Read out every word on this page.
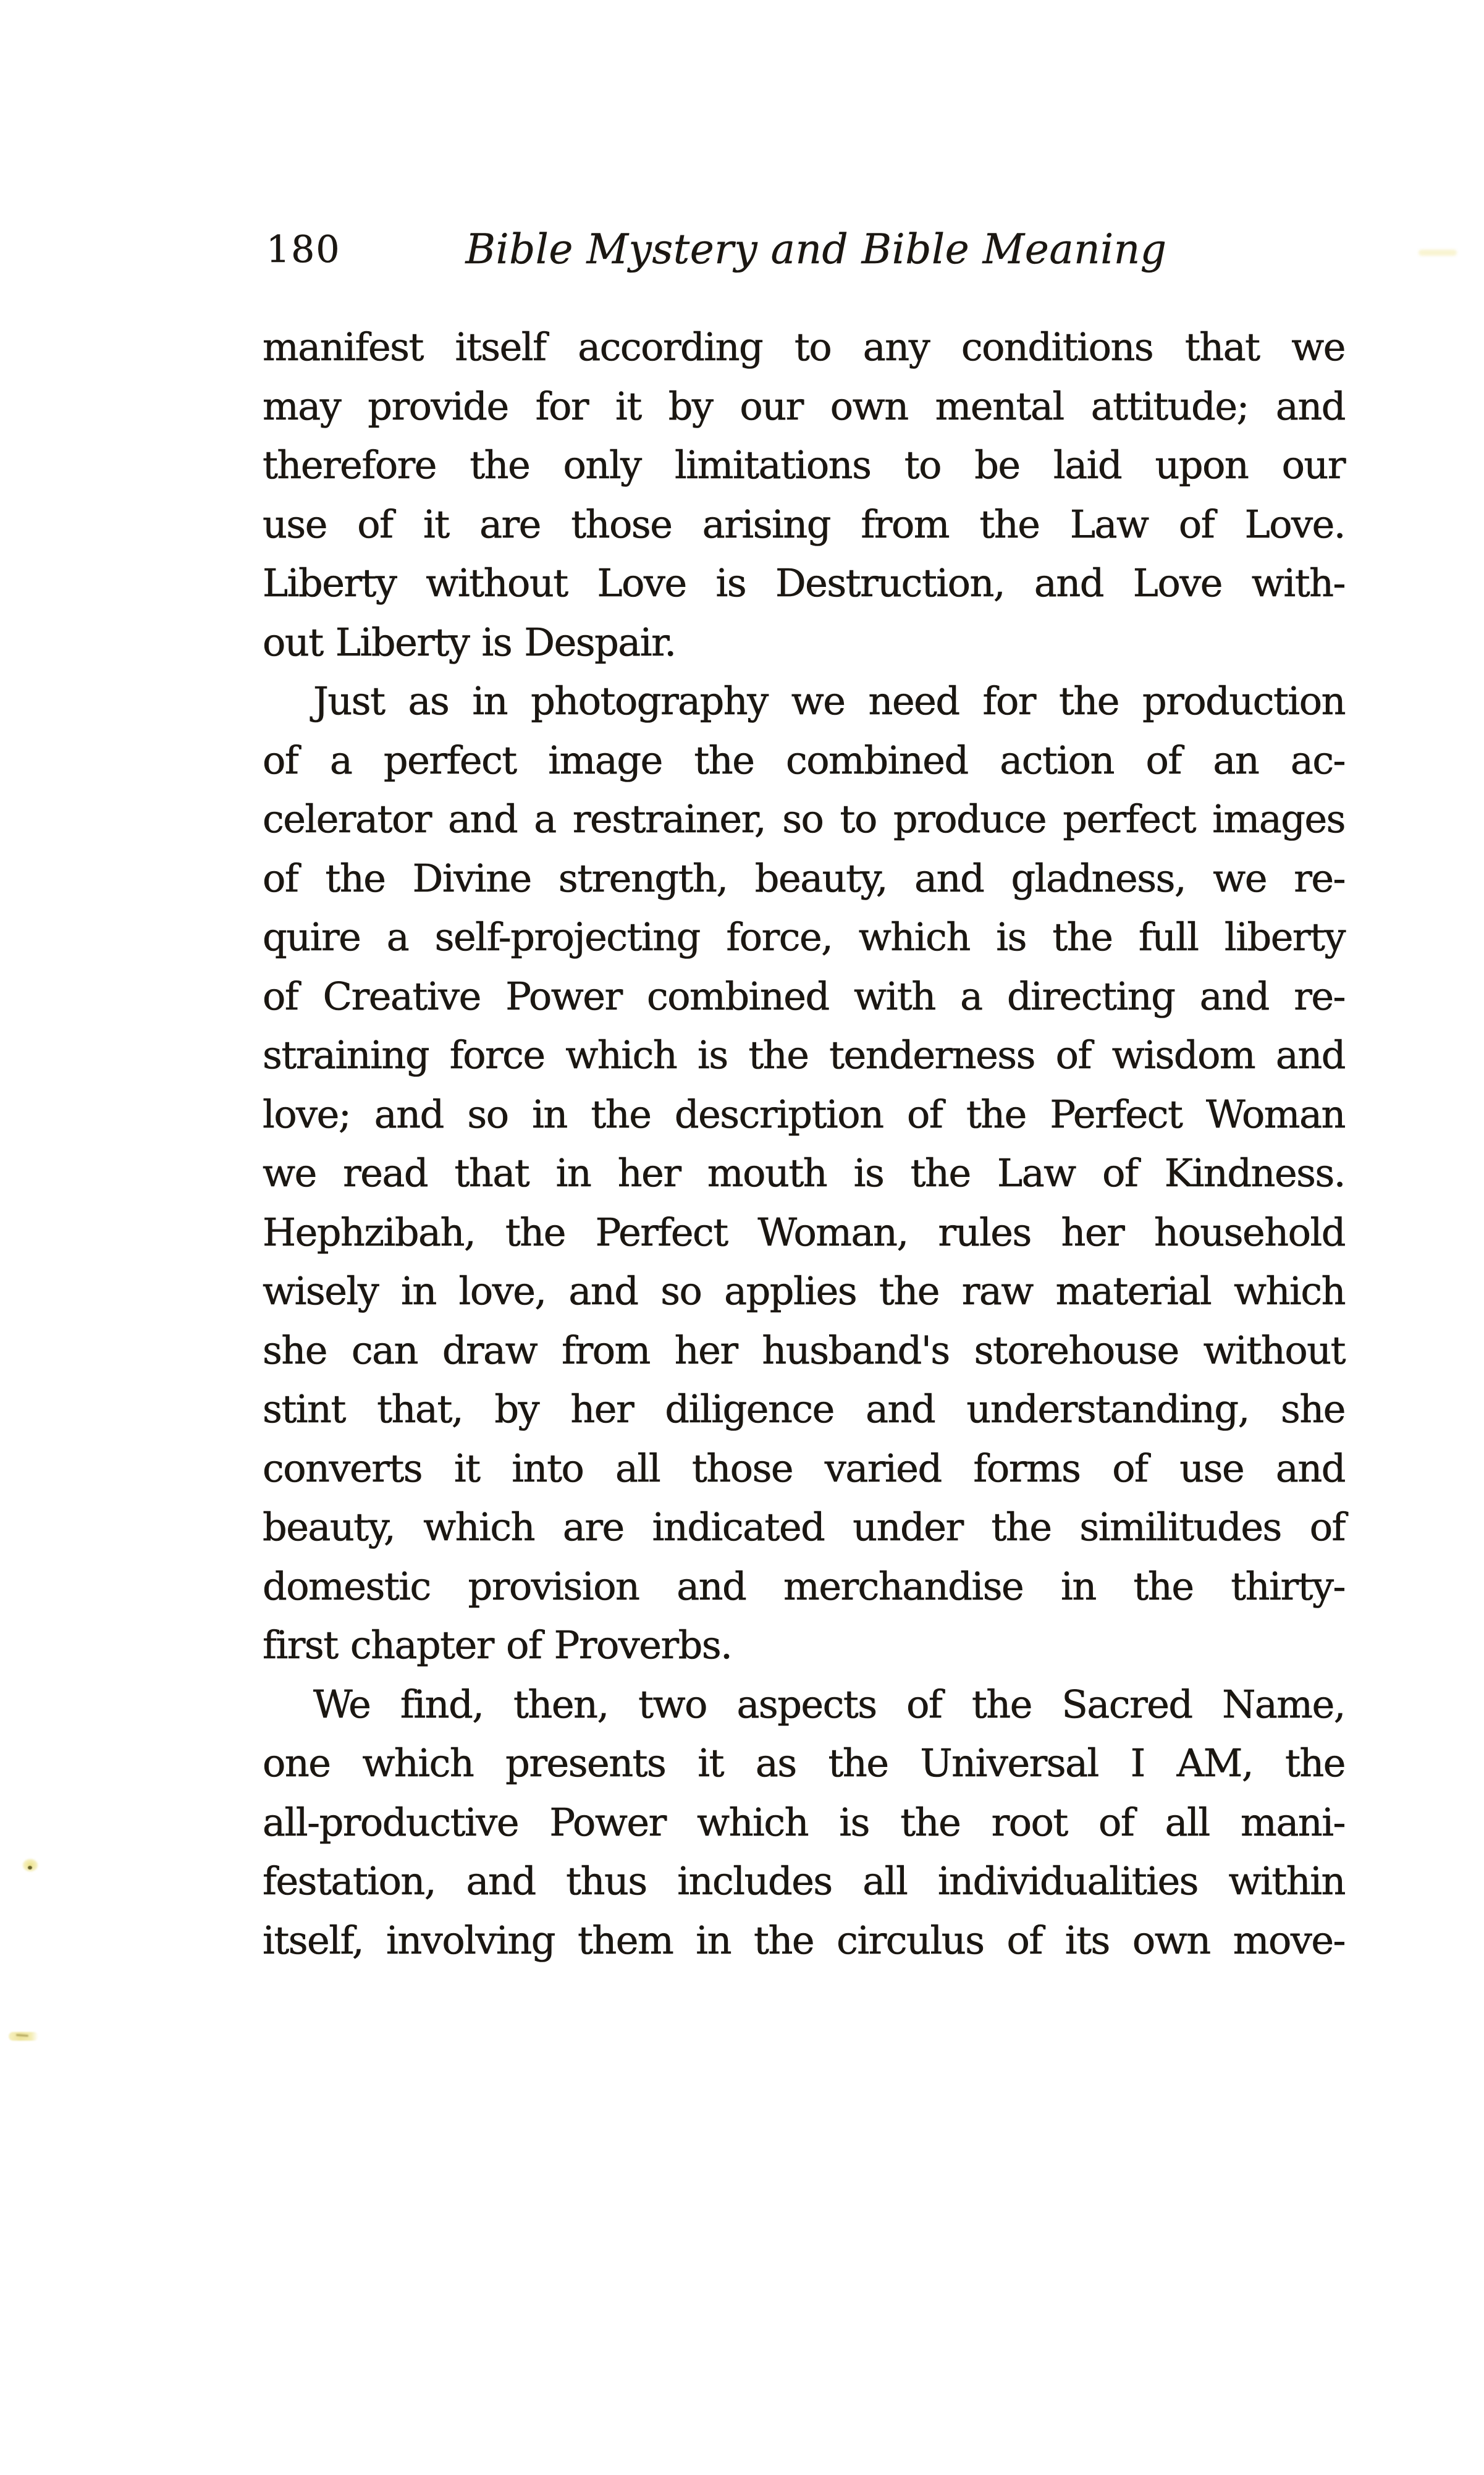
180	Bible Mystery and Bible Meaning
manifest itself according to any conditions that we
may provide for it by our own mental attitude; and
therefore the only limitations to be laid upon our
use of it are those arising from the Law of Love.
Liberty without Love is Destruction, and Love with-
out Liberty is Despair.
Just as in photography we need for the production
of a perfect image the combined action of an ac-
celerator and a restrainer, so to produce perfect images
of the Divine strength, beauty, and gladness, we re-
quire a self-projecting force, which is the full liberty
of Creative Power combined with a directing and re-
straining force which is the tenderness of wisdom and
love; and so in the description of the Perfect Woman
we read that in her mouth is the Law of Kindness.
Hephzibah, the Perfect Woman, rules her household
wisely in love, and so applies the raw material which
she can draw from her husband's storehouse without
stint that, by her diligence and understanding, she
converts it into all those varied forms of use and
beauty, which are indicated under the similitudes of
domestic provision and merchandise in the thirty-
first chapter of Proverbs.
We find, then, two aspects of the Sacred Name,
one which presents it as the Universal I AM, the
all-productive Power which is the root of all mani-
festation, and thus includes all individualities within
itself, involving them in the circulus of its own move-
